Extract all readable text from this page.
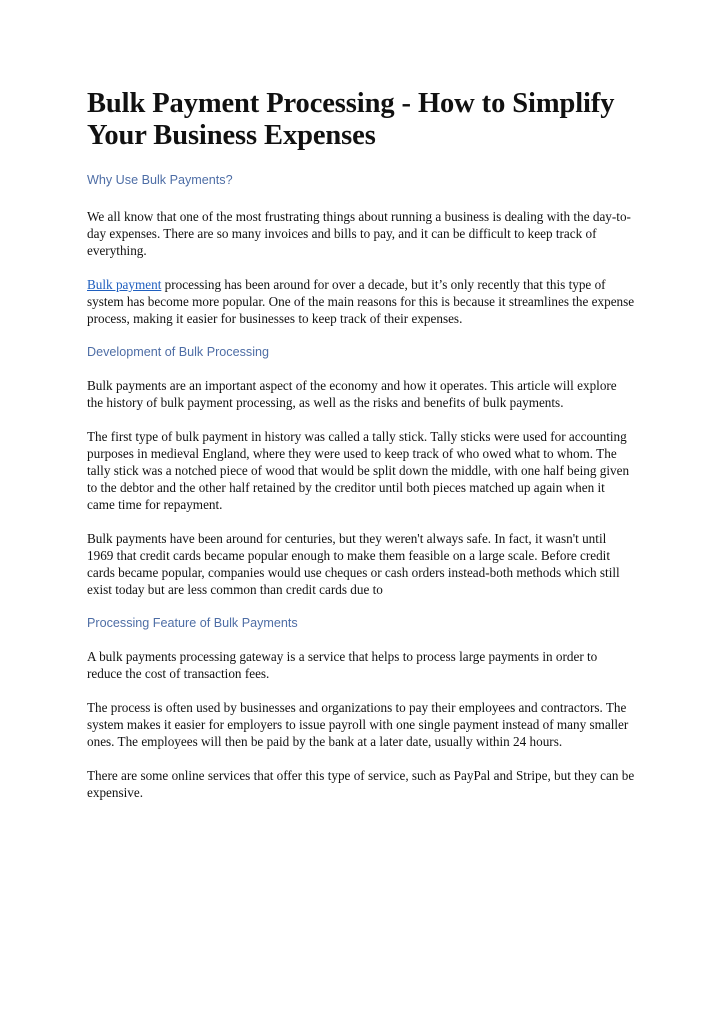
Bulk Payment Processing - How to Simplify Your Business Expenses
Why Use Bulk Payments?

We all know that one of the most frustrating things about running a business is dealing with the day-to-day expenses. There are so many invoices and bills to pay, and it can be difficult to keep track of everything.

Bulk payment processing has been around for over a decade, but it’s only recently that this type of system has become more popular. One of the main reasons for this is because it streamlines the expense process, making it easier for businesses to keep track of their expenses.

Development of Bulk Processing

Bulk payments are an important aspect of the economy and how it operates. This article will explore the history of bulk payment processing, as well as the risks and benefits of bulk payments.

The first type of bulk payment in history was called a tally stick. Tally sticks were used for accounting purposes in medieval England, where they were used to keep track of who owed what to whom. The tally stick was a notched piece of wood that would be split down the middle, with one half being given to the debtor and the other half retained by the creditor until both pieces matched up again when it came time for repayment.

Bulk payments have been around for centuries, but they weren't always safe. In fact, it wasn't until 1969 that credit cards became popular enough to make them feasible on a large scale. Before credit cards became popular, companies would use cheques or cash orders instead-both methods which still exist today but are less common than credit cards due to

Processing Feature of Bulk Payments

A bulk payments processing gateway is a service that helps to process large payments in order to reduce the cost of transaction fees.

The process is often used by businesses and organizations to pay their employees and contractors. The system makes it easier for employers to issue payroll with one single payment instead of many smaller ones. The employees will then be paid by the bank at a later date, usually within 24 hours.

There are some online services that offer this type of service, such as PayPal and Stripe, but they can be expensive.
